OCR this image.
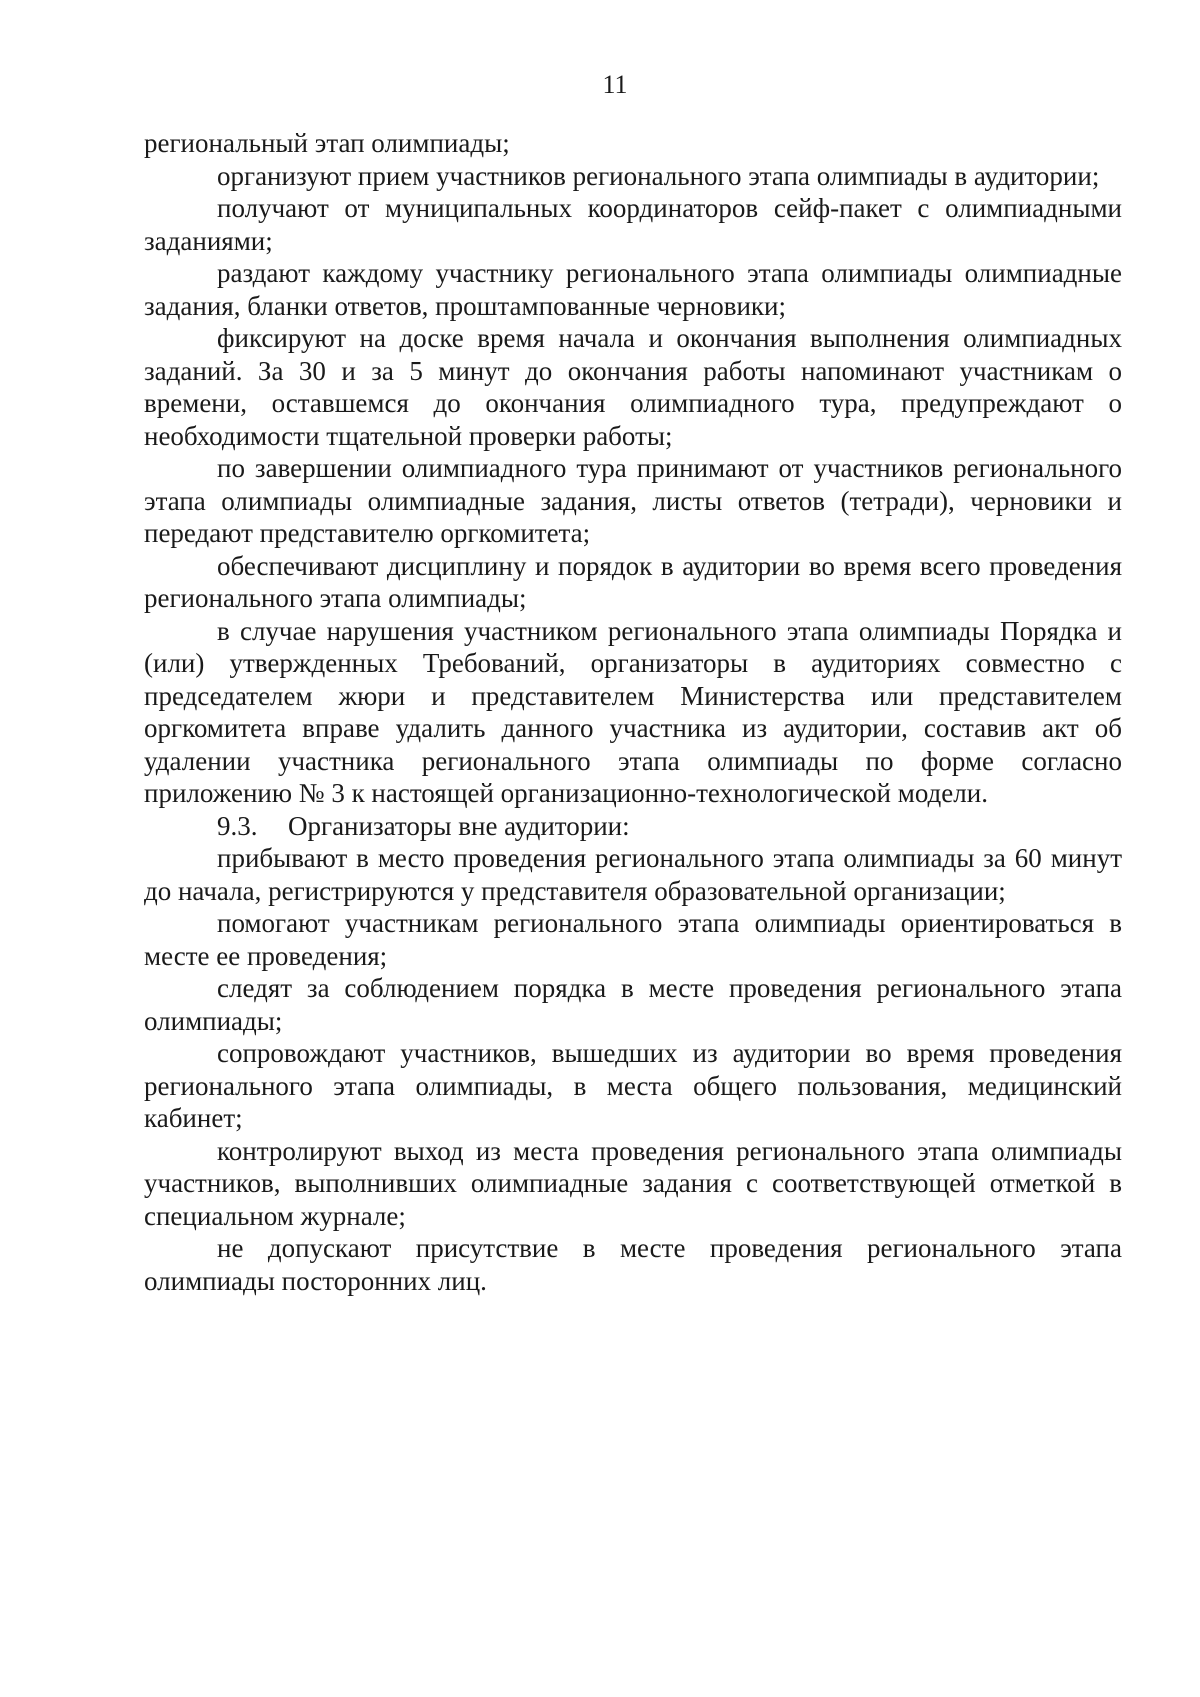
11

региональный этап олимпиады;

организуют прием участников регионального этапа олимпиады в аудитории;

получают от муниципальных координаторов сейф-пакет с олимпиадными заданиями;

раздают каждому участнику регионального этапа олимпиады олимпиадные задания, бланки ответов, проштампованные черновики;

фиксируют на доске время начала и окончания выполнения олимпиадных заданий. За 30 и за 5 минут до окончания работы напоминают участникам о времени, оставшемся до окончания олимпиадного тура, предупреждают о необходимости тщательной проверки работы;

по завершении олимпиадного тура принимают от участников регионального этапа олимпиады олимпиадные задания, листы ответов (тетради), черновики и передают представителю оргкомитета;

обеспечивают дисциплину и порядок в аудитории во время всего проведения регионального этапа олимпиады;

в случае нарушения участником регионального этапа олимпиады Порядка и (или) утвержденных Требований, организаторы в аудиториях совместно с председателем жюри и представителем Министерства или представителем оргкомитета вправе удалить данного участника из аудитории, составив акт об удалении участника регионального этапа олимпиады по форме согласно приложению № 3 к настоящей организационно-технологической модели.

9.3. Организаторы вне аудитории:

прибывают в место проведения регионального этапа олимпиады за 60 минут до начала, регистрируются у представителя образовательной организации;

помогают участникам регионального этапа олимпиады ориентироваться в месте ее проведения;

следят за соблюдением порядка в месте проведения регионального этапа олимпиады;

сопровождают участников, вышедших из аудитории во время проведения регионального этапа олимпиады, в места общего пользования, медицинский кабинет;

контролируют выход из места проведения регионального этапа олимпиады участников, выполнивших олимпиадные задания с соответствующей отметкой в специальном журнале;

не допускают присутствие в месте проведения регионального этапа олимпиады посторонних лиц.
